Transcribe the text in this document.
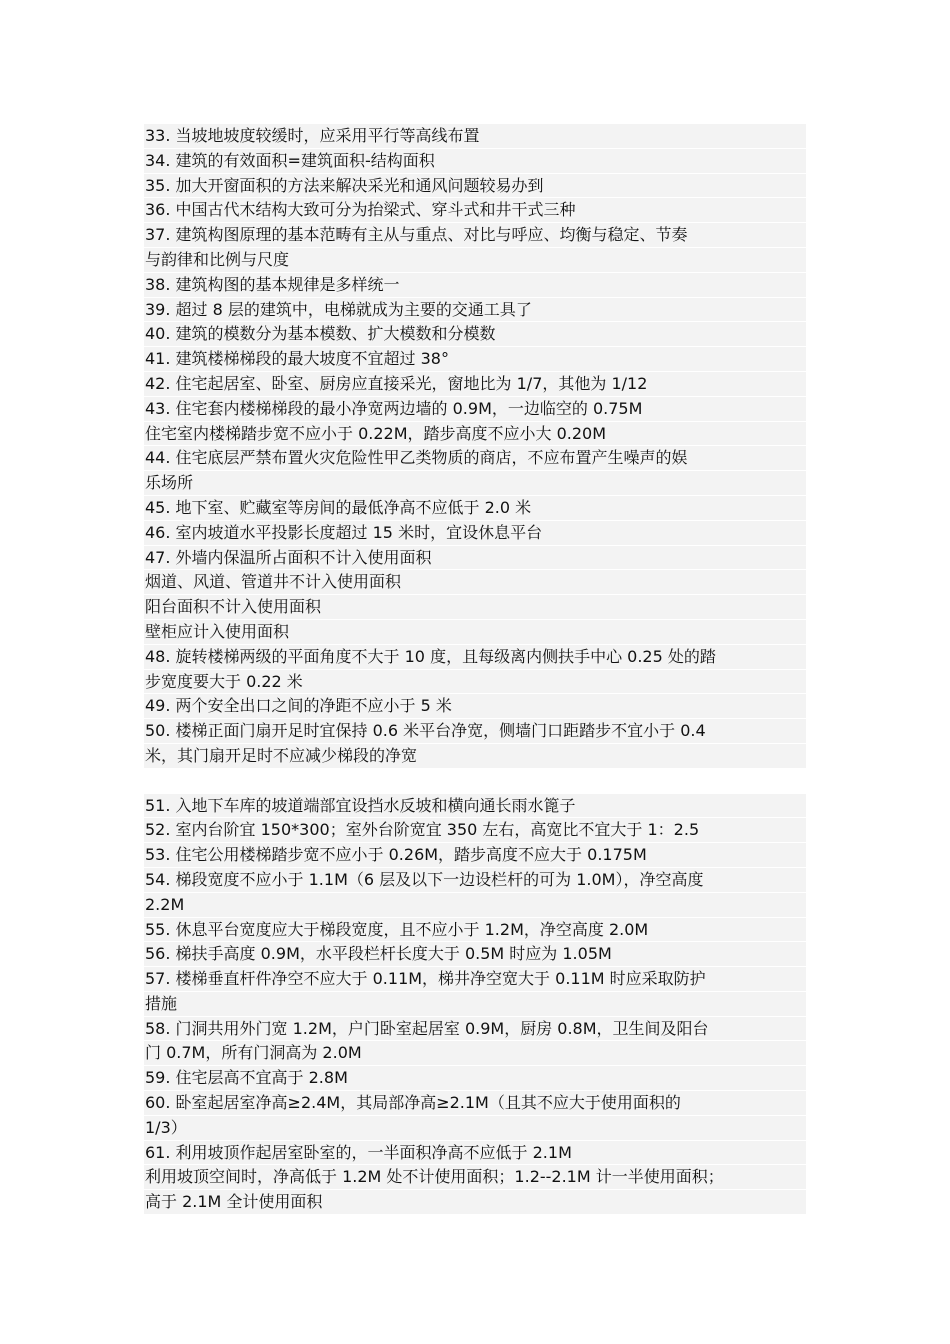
33. 当坡地坡度较缓时，应采用平行等高线布置
34. 建筑的有效面积=建筑面积-结构面积
35. 加大开窗面积的方法来解决采光和通风问题较易办到
36. 中国古代木结构大致可分为抬梁式、穿斗式和井干式三种
37. 建筑构图原理的基本范畴有主从与重点、对比与呼应、均衡与稳定、节奏
与韵律和比例与尺度
38. 建筑构图的基本规律是多样统一
39. 超过 8 层的建筑中，电梯就成为主要的交通工具了
40. 建筑的模数分为基本模数、扩大模数和分模数
41. 建筑楼梯梯段的最大坡度不宜超过 38°
42. 住宅起居室、卧室、厨房应直接采光，窗地比为 1/7，其他为 1/12
43. 住宅套内楼梯梯段的最小净宽两边墙的 0.9M，一边临空的 0.75M
住宅室内楼梯踏步宽不应小于 0.22M，踏步高度不应小大 0.20M
44. 住宅底层严禁布置火灾危险性甲乙类物质的商店，不应布置产生噪声的娱
乐场所
45. 地下室、贮藏室等房间的最低净高不应低于 2.0 米
46. 室内坡道水平投影长度超过 15 米时，宜设休息平台
47. 外墙内保温所占面积不计入使用面积
烟道、风道、管道井不计入使用面积
阳台面积不计入使用面积
壁柜应计入使用面积
48. 旋转楼梯两级的平面角度不大于 10 度，且每级离内侧扶手中心 0.25 处的踏
步宽度要大于 0.22 米
49. 两个安全出口之间的净距不应小于 5 米
50. 楼梯正面门扇开足时宜保持 0.6 米平台净宽，侧墙门口距踏步不宜小于 0.4
米，其门扇开足时不应减少梯段的净宽
51. 入地下车库的坡道端部宜设挡水反坡和横向通长雨水篦子
52. 室内台阶宜 150*300；室外台阶宽宜 350 左右，高宽比不宜大于 1：2.5
53. 住宅公用楼梯踏步宽不应小于 0.26M，踏步高度不应大于 0.175M
54. 梯段宽度不应小于 1.1M（6 层及以下一边设栏杆的可为 1.0M），净空高度
2.2M
55. 休息平台宽度应大于梯段宽度，且不应小于 1.2M，净空高度 2.0M
56. 梯扶手高度 0.9M，水平段栏杆长度大于 0.5M 时应为 1.05M
57. 楼梯垂直杆件净空不应大于 0.11M，梯井净空宽大于 0.11M 时应采取防护
措施
58. 门洞共用外门宽 1.2M，户门卧室起居室 0.9M，厨房 0.8M，卫生间及阳台
门 0.7M，所有门洞高为 2.0M
59. 住宅层高不宜高于 2.8M
60. 卧室起居室净高≥2.4M，其局部净高≥2.1M（且其不应大于使用面积的
1/3）
61. 利用坡顶作起居室卧室的，一半面积净高不应低于 2.1M
利用坡顶空间时，净高低于 1.2M 处不计使用面积；1.2--2.1M 计一半使用面积；
高于 2.1M 全计使用面积
